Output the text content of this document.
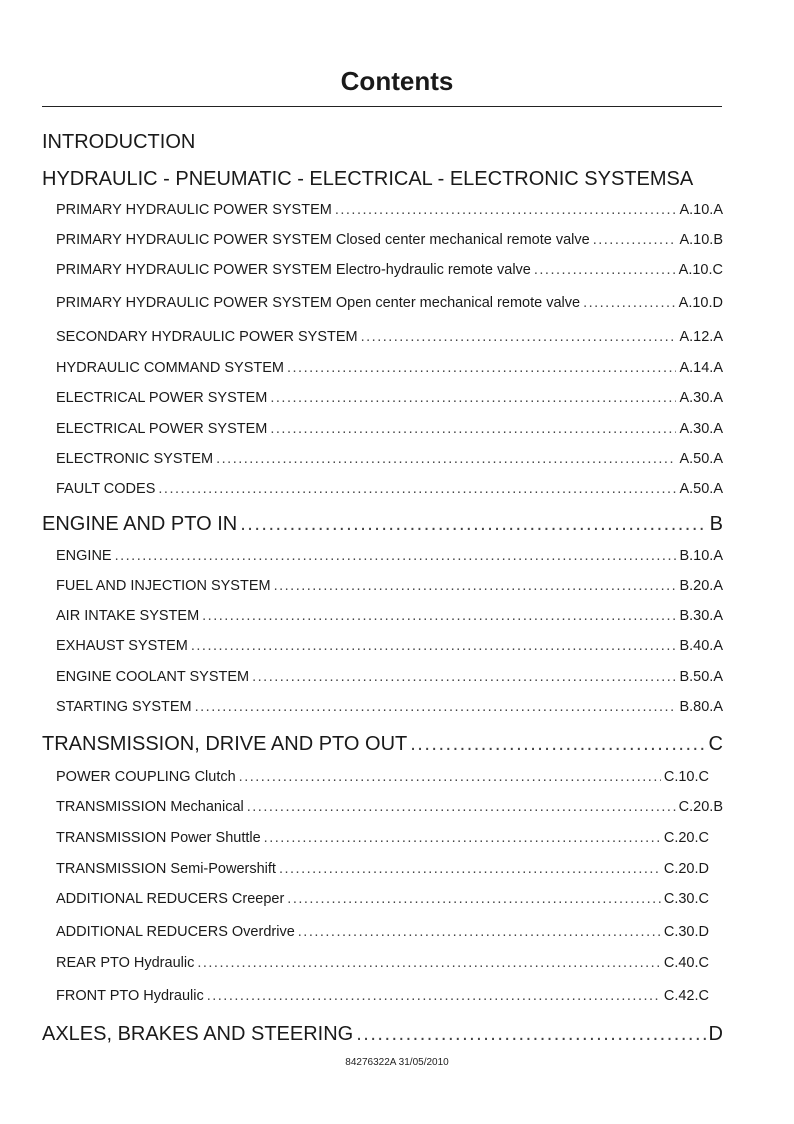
Contents
INTRODUCTION
HYDRAULIC - PNEUMATIC - ELECTRICAL - ELECTRONIC SYSTEMSA
PRIMARY HYDRAULIC POWER SYSTEM .....	A.10.A
PRIMARY HYDRAULIC POWER SYSTEM Closed center mechanical remote valve .....	A.10.B
PRIMARY HYDRAULIC POWER SYSTEM Electro-hydraulic remote valve .....	A.10.C
PRIMARY HYDRAULIC POWER SYSTEM Open center mechanical remote valve .....	A.10.D
SECONDARY HYDRAULIC POWER SYSTEM .....	A.12.A
HYDRAULIC COMMAND SYSTEM .....	A.14.A
ELECTRICAL POWER SYSTEM .....	A.30.A
ELECTRICAL POWER SYSTEM .....	A.30.A
ELECTRONIC SYSTEM .....	A.50.A
FAULT CODES .....	A.50.A
ENGINE AND PTO IN .....	B
ENGINE .....	B.10.A
FUEL AND INJECTION SYSTEM .....	B.20.A
AIR INTAKE SYSTEM .....	B.30.A
EXHAUST SYSTEM .....	B.40.A
ENGINE COOLANT SYSTEM .....	B.50.A
STARTING SYSTEM .....	B.80.A
TRANSMISSION, DRIVE AND PTO OUT .....	C
POWER COUPLING Clutch .....	C.10.C
TRANSMISSION Mechanical .....	C.20.B
TRANSMISSION Power Shuttle .....	C.20.C
TRANSMISSION Semi-Powershift .....	C.20.D
ADDITIONAL REDUCERS Creeper .....	C.30.C
ADDITIONAL REDUCERS Overdrive .....	C.30.D
REAR PTO Hydraulic .....	C.40.C
FRONT PTO Hydraulic .....	C.42.C
AXLES, BRAKES AND STEERING .....	D
84276322A 31/05/2010
